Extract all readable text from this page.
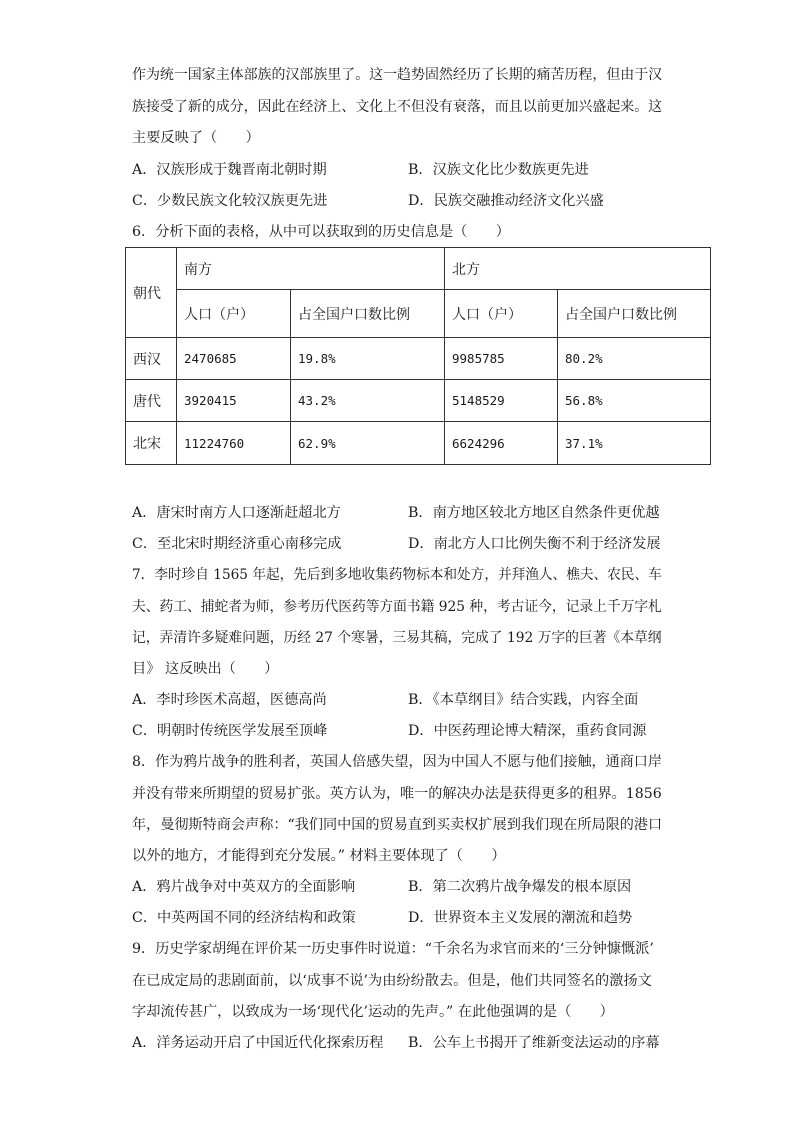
作为统一国家主体部族的汉部族里了。这一趋势固然经历了长期的痛苦历程，但由于汉
族接受了新的成分，因此在经济上、文化上不但没有衰落，而且以前更加兴盛起来。这
主要反映了（　　）
A．汉族形成于魏晋南北朝时期	B．汉族文化比少数族更先进
C．少数民族文化较汉族更先进	D．民族交融推动经济文化兴盛
6．分析下面的表格，从中可以获取到的历史信息是（　　）
朝代	南方		北方	
	人口（户）	占全国户口数比例	人口（户）	占全国户口数比例
西汉	2470685	19.8%	9985785	80.2%
唐代	3920415	43.2%	5148529	56.8%
北宋	11224760	62.9%	6624296	37.1%
A．唐宋时南方人口逐渐赶超北方	B．南方地区较北方地区自然条件更优越
C．至北宋时期经济重心南移完成	D．南北方人口比例失衡不利于经济发展
7．李时珍自 1565 年起，先后到多地收集药物标本和处方，并拜渔人、樵夫、农民、车
夫、药工、捕蛇者为师，参考历代医药等方面书籍 925 种，考古证今，记录上千万字札
记，弄清许多疑难问题，历经 27 个寒暑，三易其稿，完成了 192 万字的巨著《本草纲
目》 这反映出（　　）
A．李时珍医术高超，医德高尚	B．《本草纲目》结合实践，内容全面
C．明朝时传统医学发展至顶峰	D．中医药理论博大精深，重药食同源
8．作为鸦片战争的胜利者，英国人倍感失望，因为中国人不愿与他们接触，通商口岸
并没有带来所期望的贸易扩张。英方认为，唯一的解决办法是获得更多的租界。1856
年，曼彻斯特商会声称：“我们同中国的贸易直到买卖权扩展到我们现在所局限的港口
以外的地方，才能得到充分发展。” 材料主要体现了（　　）
A．鸦片战争对中英双方的全面影响	B．第二次鸦片战争爆发的根本原因
C．中英两国不同的经济结构和政策	D．世界资本主义发展的潮流和趋势
9．历史学家胡绳在评价某一历史事件时说道：“千余名为求官而来的‘三分钟慷慨派’
在已成定局的悲剧面前，以‘成事不说’为由纷纷散去。但是，他们共同签名的激扬文
字却流传甚广，以致成为一场‘现代化’运动的先声。” 在此他强调的是（　　）
A．洋务运动开启了中国近代化探索历程 B．公车上书揭开了维新变法运动的序幕
